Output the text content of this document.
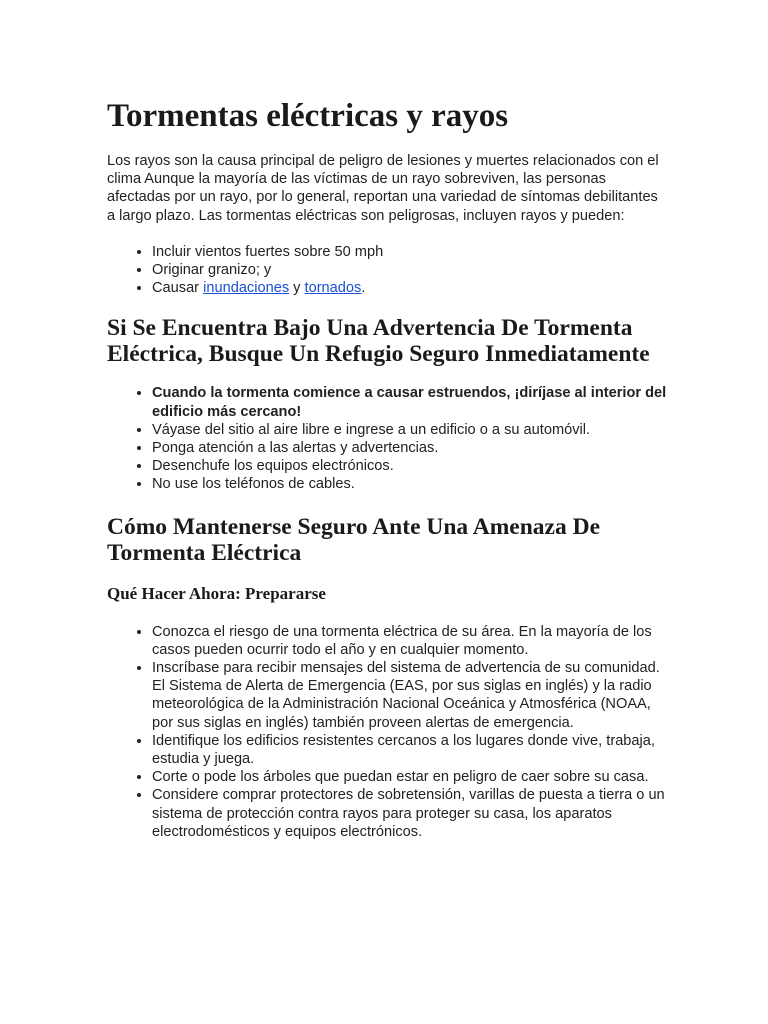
Tormentas eléctricas y rayos

Los rayos son la causa principal de peligro de lesiones y muertes relacionados con el clima Aunque la mayoría de las víctimas de un rayo sobreviven, las personas afectadas por un rayo, por lo general, reportan una variedad de síntomas debilitantes a largo plazo. Las tormentas eléctricas son peligrosas, incluyen rayos y pueden:

• Incluir vientos fuertes sobre 50 mph
• Originar granizo; y
• Causar inundaciones y tornados.
Si Se Encuentra Bajo Una Advertencia De Tormenta Eléctrica, Busque Un Refugio Seguro Inmediatamente
• Cuando la tormenta comience a causar estruendos, ¡diríjase al interior del edificio más cercano!
• Váyase del sitio al aire libre e ingrese a un edificio o a su automóvil.
• Ponga atención a las alertas y advertencias.
• Desenchufe los equipos electrónicos.
• No use los teléfonos de cables.
Cómo Mantenerse Seguro Ante Una Amenaza De Tormenta Eléctrica
Qué Hacer Ahora: Prepararse
• Conozca el riesgo de una tormenta eléctrica de su área. En la mayoría de los casos pueden ocurrir todo el año y en cualquier momento.
• Inscríbase para recibir mensajes del sistema de advertencia de su comunidad. El Sistema de Alerta de Emergencia (EAS, por sus siglas en inglés) y la radio meteorológica de la Administración Nacional Oceánica y Atmosférica (NOAA, por sus siglas en inglés) también proveen alertas de emergencia.
• Identifique los edificios resistentes cercanos a los lugares donde vive, trabaja, estudia y juega.
• Corte o pode los árboles que puedan estar en peligro de caer sobre su casa.
• Considere comprar protectores de sobretensión, varillas de puesta a tierra o un sistema de protección contra rayos para proteger su casa, los aparatos electrodomésticos y equipos electrónicos.
